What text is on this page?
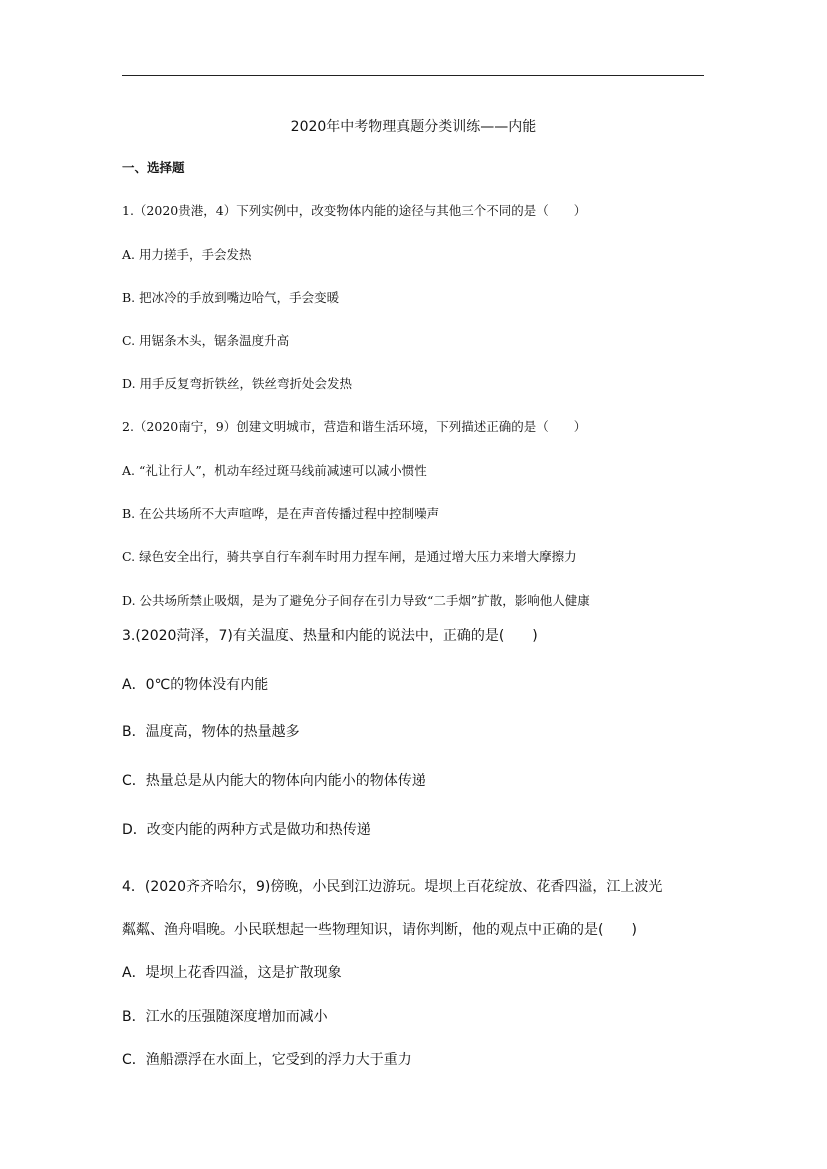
2020年中考物理真题分类训练——内能
一、选择题
1.（2020贵港，4）下列实例中，改变物体内能的途径与其他三个不同的是（　　）
A. 用力搓手，手会发热
B. 把冰冷的手放到嘴边哈气，手会变暖
C. 用锯条木头，锯条温度升高
D. 用手反复弯折铁丝，铁丝弯折处会发热
2.（2020南宁，9）创建文明城市，营造和谐生活环境，下列描述正确的是（　　）
A. “礼让行人”，机动车经过斑马线前减速可以减小惯性
B. 在公共场所不大声喧哗，是在声音传播过程中控制噪声
C. 绿色安全出行，骑共享自行车刹车时用力捏车闸，是通过增大压力来增大摩擦力
D. 公共场所禁止吸烟，是为了避免分子间存在引力导致“二手烟”扩散，影响他人健康
3.(2020菏泽，7)有关温度、热量和内能的说法中，正确的是(　　)
A．0℃的物体没有内能
B．温度高，物体的热量越多
C．热量总是从内能大的物体向内能小的物体传递
D．改变内能的两种方式是做功和热传递
4．(2020齐齐哈尔，9)傍晚，小民到江边游玩。堤坝上百花绽放、花香四溢，江上波光
粼粼、渔舟唱晚。小民联想起一些物理知识，请你判断，他的观点中正确的是(　　)
A．堤坝上花香四溢，这是扩散现象
B．江水的压强随深度增加而减小
C．渔船漂浮在水面上，它受到的浮力大于重力
